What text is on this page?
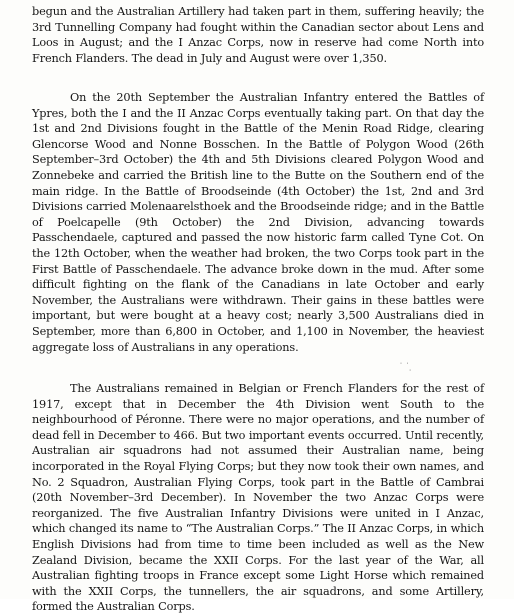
begun and the Australian Artillery had taken part in them, suffering heavily; the 3rd Tunnelling Company had fought within the Canadian sector about Lens and Loos in August; and the I Anzac Corps, now in reserve had come North into French Flanders. The dead in July and August were over 1,350.

On the 20th September the Australian Infantry entered the Battles of Ypres, both the I and the II Anzac Corps eventually taking part. On that day the 1st and 2nd Divisions fought in the Battle of the Menin Road Ridge, clearing Glencorse Wood and Nonne Bosschen. In the Battle of Polygon Wood (26th September–3rd October) the 4th and 5th Divisions cleared Polygon Wood and Zonnebeke and carried the British line to the Butte on the Southern end of the main ridge. In the Battle of Broodseinde (4th October) the 1st, 2nd and 3rd Divisions carried Molenaarelsthoek and the Broodseinde ridge; and in the Battle of Poelcapelle (9th October) the 2nd Division, advancing towards Passchendaele, captured and passed the now historic farm called Tyne Cot. On the 12th October, when the weather had broken, the two Corps took part in the First Battle of Passchendaele. The advance broke down in the mud. After some difficult fighting on the flank of the Canadians in late October and early November, the Australians were withdrawn. Their gains in these battles were important, but were bought at a heavy cost; nearly 3,500 Australians died in September, more than 6,800 in October, and 1,100 in November, the heaviest aggregate loss of Australians in any operations.

˙ ˙ ̣

The Australians remained in Belgian or French Flanders for the rest of 1917, except that in December the 4th Division went South to the neighbourhood of Péronne. There were no major operations, and the number of dead fell in December to 466. But two important events occurred. Until recently, Australian air squadrons had not assumed their Australian name, being incorporated in the Royal Flying Corps; but they now took their own names, and No. 2 Squadron, Australian Flying Corps, took part in the Battle of Cambrai (20th November–3rd December). In November the two Anzac Corps were reorganized. The five Australian Infantry Divisions were united in I Anzac, which changed its name to “The Australian Corps.” The II Anzac Corps, in which English Divisions had from time to time been included as well as the New Zealand Division, became the XXII Corps. For the last year of the War, all Australian fighting troops in France except some Light Horse which remained with the XXII Corps, the tunnellers, the air squadrons, and some Artillery, formed the Australian Corps.
